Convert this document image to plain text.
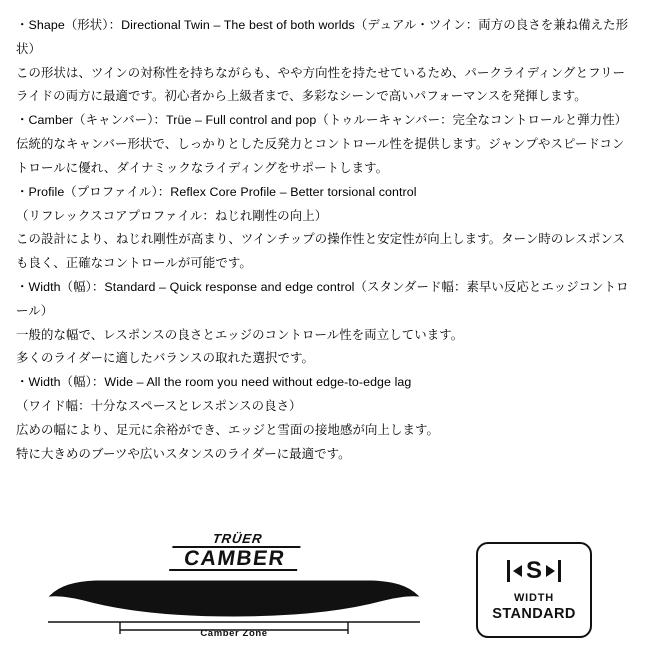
・Shape（形状）：Directional Twin – The best of both worlds（デュアル・ツイン：両方の良さを兼ね備えた形状）

この形状は、ツインの対称性を持ちながらも、やや方向性を持たせているため、パークライディングとフリーライドの両方に最適です。初心者から上級者まで、多彩なシーンで高いパフォーマンスを発揮します。

・Camber（キャンバー）：Trüe – Full control and pop（トゥルーキャンバー：完全なコントロールと弾力性）

伝統的なキャンバー形状で、しっかりとした反発力とコントロール性を提供します。ジャンプやスピードコントロールに優れ、ダイナミックなライディングをサポートします。

・Profile（プロファイル）：Reflex Core Profile – Better torsional control

（リフレックスコアプロファイル：ねじれ剛性の向上）

この設計により、ねじれ剛性が高まり、ツインチップの操作性と安定性が向上します。ターン時のレスポンスも良く、正確なコントロールが可能です。

・Width（幅）：Standard – Quick response and edge control（スタンダード幅：素早い反応とエッジコントロール）

一般的な幅で、レスポンスの良さとエッジのコントロール性を両立しています。

多くのライダーに適したバランスの取れた選択です。

・Width（幅）：Wide – All the room you need without edge-to-edge lag

（ワイド幅：十分なスペースとレスポンスの良さ）

広めの幅により、足元に余裕ができ、エッジと雪面の接地感が向上します。

特に大きめのブーツや広いスタンスのライダーに最適です。

TRÜER
CAMBER
Camber Zone
S
WIDTH
STANDARD
